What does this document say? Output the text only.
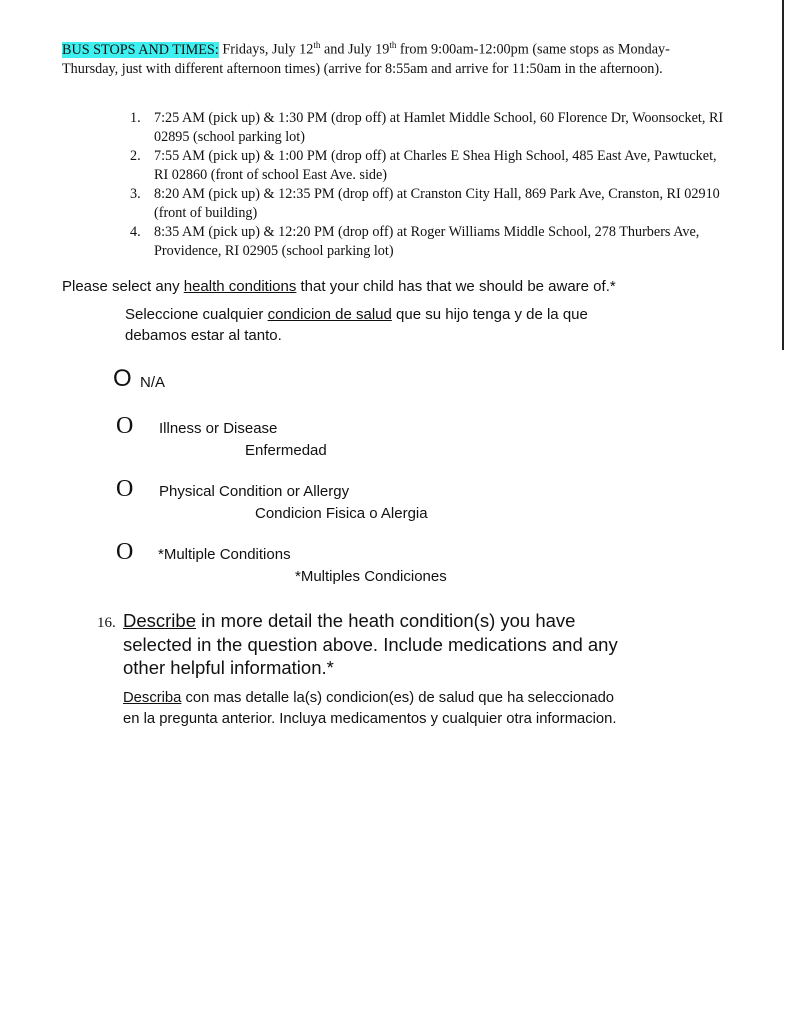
BUS STOPS AND TIMES: Fridays, July 12th and July 19th from 9:00am-12:00pm (same stops as Monday-Thursday, just with different afternoon times) (arrive for 8:55am and arrive for 11:50am in the afternoon).
1. 7:25 AM (pick up) & 1:30 PM (drop off) at Hamlet Middle School, 60 Florence Dr, Woonsocket, RI 02895 (school parking lot)
2. 7:55 AM (pick up) & 1:00 PM (drop off) at Charles E Shea High School, 485 East Ave, Pawtucket, RI 02860 (front of school East Ave. side)
3. 8:20 AM (pick up) & 12:35 PM (drop off) at Cranston City Hall, 869 Park Ave, Cranston, RI 02910 (front of building)
4. 8:35 AM (pick up) & 12:20 PM (drop off) at Roger Williams Middle School, 278 Thurbers Ave, Providence, RI 02905 (school parking lot)
Please select any health conditions that your child has that we should be aware of.*
Seleccione cualquier condicion de salud que su hijo tenga y de la que debamos estar al tanto.
O N/A
O Illness or Disease
Enfermedad
O Physical Condition or Allergy
Condicion Fisica o Alergia
O *Multiple Conditions
*Multiples Condiciones
16. Describe in more detail the heath condition(s) you have selected in the question above. Include medications and any other helpful information.*
Describa con mas detalle la(s) condicion(es) de salud que ha seleccionado en la pregunta anterior. Incluya medicamentos y cualquier otra informacion.
